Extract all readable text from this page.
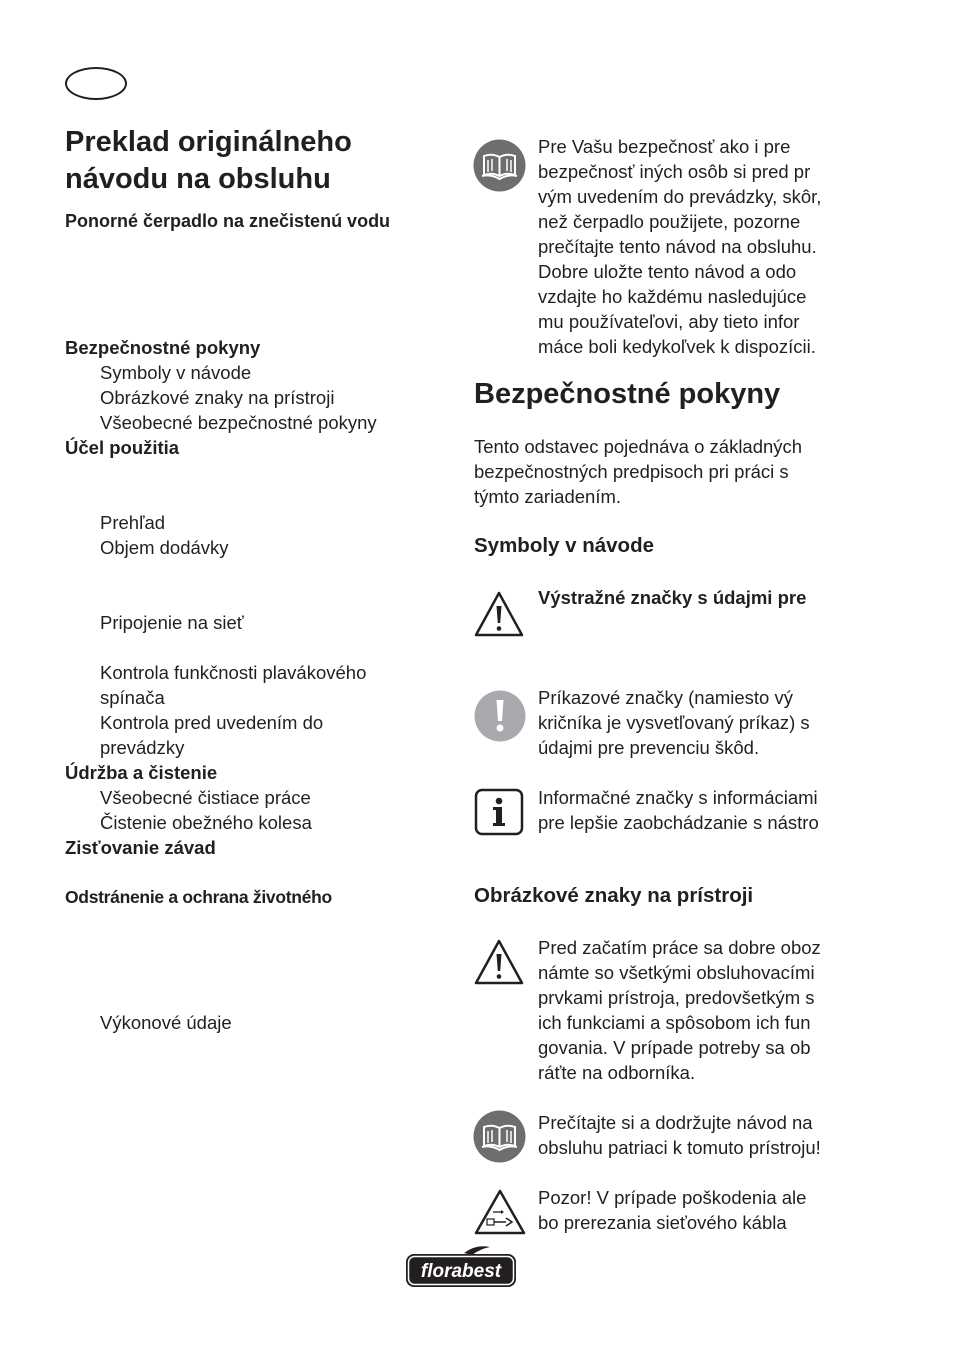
Preklad originálneho
návodu na obsluhu
Ponorné čerpadlo na znečistenú vodu
Bezpečnostné pokyny
Symboly v návode
Obrázkové znaky na prístroji
Všeobecné bezpečnostné pokyny
Účel použitia
Prehľad
Objem dodávky
Pripojenie na sieť
Kontrola funkčnosti plavákového
spínača
Kontrola pred uvedením do
prevádzky
Údržba a čistenie
Všeobecné čistiace práce
Čistenie obežného kolesa
Zisťovanie závad
Odstránenie a ochrana životného
Výkonové údaje
Pre Vašu bezpečnosť ako i pre
bezpečnosť iných osôb si pred pr
vým uvedením do prevádzky, skôr,
než čerpadlo použijete, pozorne
prečítajte tento návod na obsluhu.
Dobre uložte tento návod a odo
vzdajte ho každému nasledujúce
mu používateľovi, aby tieto infor
máce boli kedykoľvek k dispozícii.
Bezpečnostné pokyny
Tento odstavec pojednáva o základných
bezpečnostných predpisoch pri práci s
týmto zariadením.
Symboly v návode
Výstražné značky s údajmi pre
Príkazové značky (namiesto vý
kričníka je vysvetľovaný príkaz) s
údajmi pre prevenciu škôd.
Informačné značky s informáciami
pre lepšie zaobchádzanie s nástro
Obrázkové znaky na prístroji
Pred začatím práce sa dobre oboz
námte so všetkými obsluhovacími
prvkami prístroja, predovšetkým s
ich funkciami a spôsobom ich fun
govania. V prípade potreby sa ob
ráťte na odborníka.
Prečítajte si a dodržujte návod na
obsluhu patriaci k tomuto prístroju!
Pozor! V prípade poškodenia ale
bo prerezania sieťového kábla
florabest
